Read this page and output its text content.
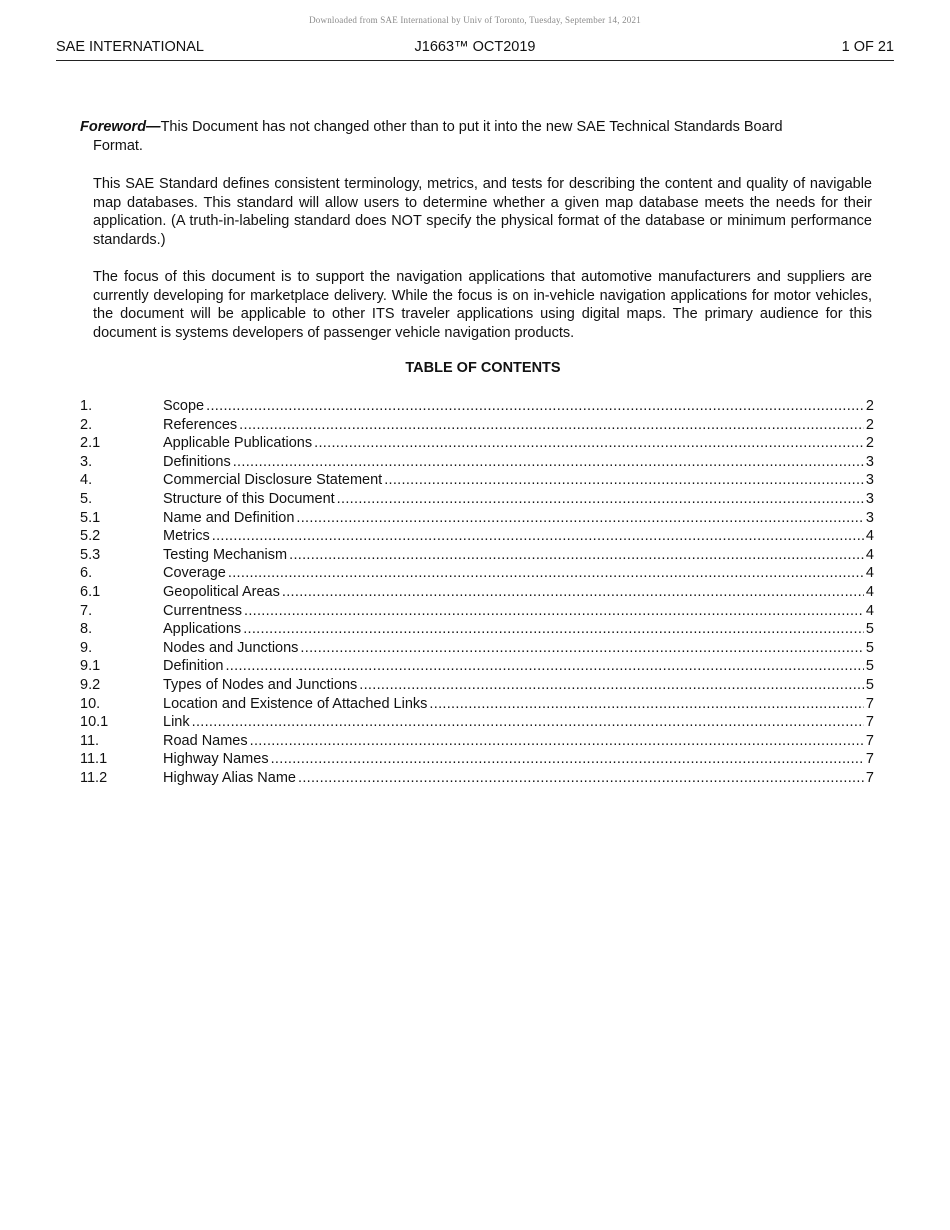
Downloaded from SAE International by Univ of Toronto, Tuesday, September 14, 2021
SAE INTERNATIONAL	J1663™ OCT2019	1 OF 21
Foreword—This Document has not changed other than to put it into the new SAE Technical Standards Board
Format.
This SAE Standard defines consistent terminology, metrics, and tests for describing the content and quality of navigable map databases. This standard will allow users to determine whether a given map database meets the needs for their application. (A truth-in-labeling standard does NOT specify the physical format of the database or minimum performance standards.)
The focus of this document is to support the navigation applications that automotive manufacturers and suppliers are currently developing for marketplace delivery. While the focus is on in-vehicle navigation applications for motor vehicles, the document will be applicable to other ITS traveler applications using digital maps. The primary audience for this document is systems developers of passenger vehicle navigation products.
TABLE OF CONTENTS
1.	Scope .....	2
2.	References .....	2
2.1	Applicable Publications .....	2
3.	Definitions .....	3
4.	Commercial Disclosure Statement .....	3
5.	Structure of this Document .....	3
5.1	Name and Definition .....	3
5.2	Metrics .....	4
5.3	Testing Mechanism .....	4
6.	Coverage .....	4
6.1	Geopolitical Areas .....	4
7.	Currentness .....	4
8.	Applications .....	5
9.	Nodes and Junctions .....	5
9.1	Definition .....	5
9.2	Types of Nodes and Junctions .....	5
10.	Location and Existence of Attached Links .....	7
10.1	Link .....	7
11.	Road Names .....	7
11.1	Highway Names .....	7
11.2	Highway Alias Name .....	7
